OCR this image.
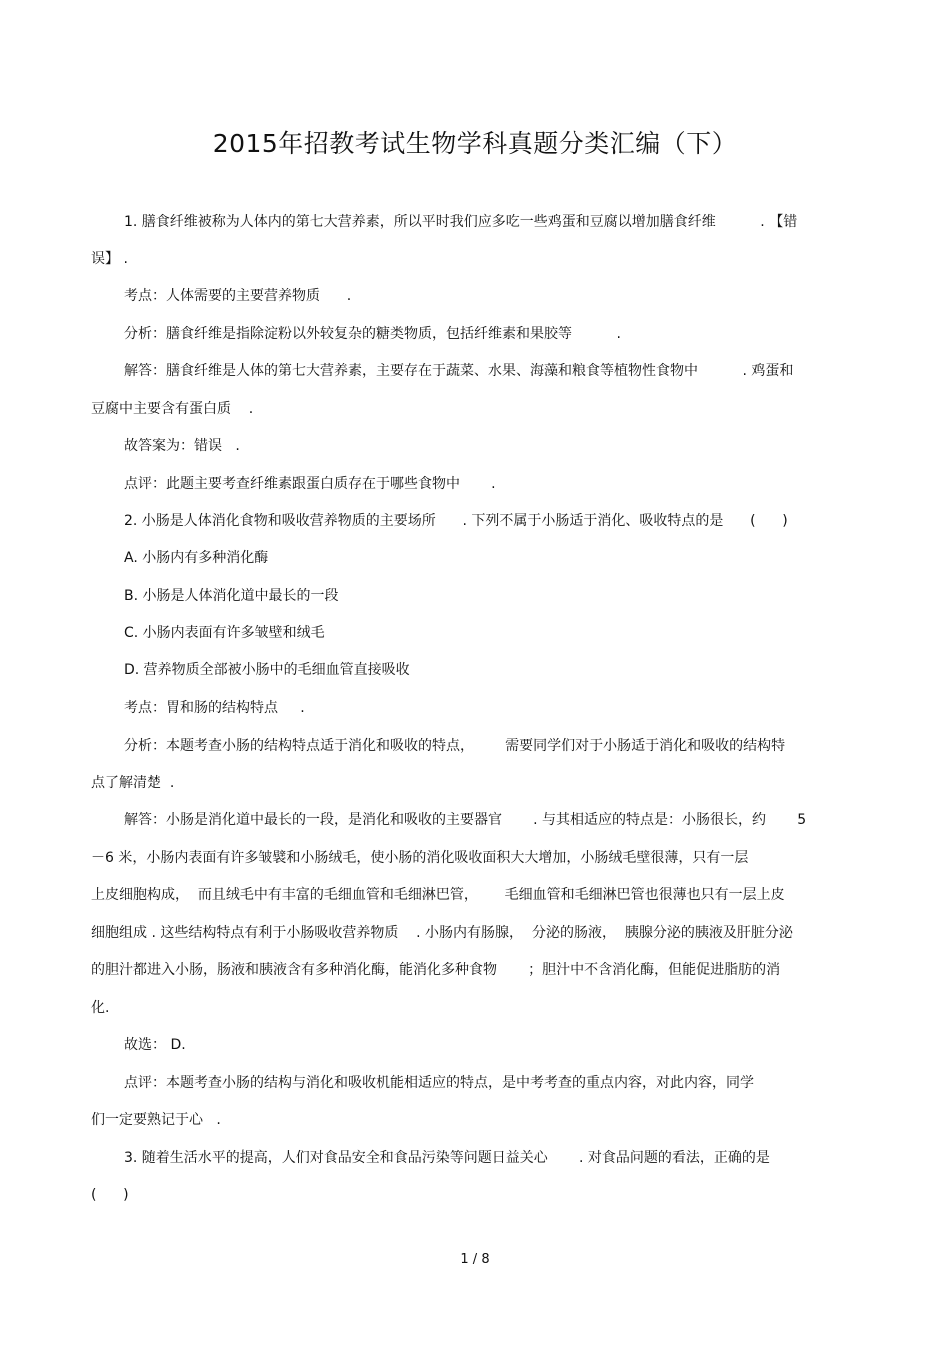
2015年招教考试生物学科真题分类汇编（下）
1. 膳食纤维被称为人体内的第七大营养素，所以平时我们应多吃一些鸡蛋和豆腐以增加膳食纤维          . 【错
误】 .
考点：人体需要的主要营养物质      .
分析：膳食纤维是指除淀粉以外较复杂的糖类物质，包括纤维素和果胶等          .
解答：膳食纤维是人体的第七大营养素，主要存在于蔬菜、水果、海藻和粮食等植物性食物中          . 鸡蛋和
豆腐中主要含有蛋白质    .
故答案为：错误   .
点评：此题主要考查纤维素跟蛋白质存在于哪些食物中       .
2. 小肠是人体消化食物和吸收营养物质的主要场所      . 下列不属于小肠适于消化、吸收特点的是      (      )
A. 小肠内有多种消化酶
B. 小肠是人体消化道中最长的一段
C. 小肠内表面有许多皱壁和绒毛
D. 营养物质全部被小肠中的毛细血管直接吸收
考点：胃和肠的结构特点     .
分析：本题考查小肠的结构特点适于消化和吸收的特点，       需要同学们对于小肠适于消化和吸收的结构特
点了解清楚  .
解答：小肠是消化道中最长的一段，是消化和吸收的主要器官       . 与其相适应的特点是：小肠很长，约       5
－6 米，小肠内表面有许多皱襞和小肠绒毛，使小肠的消化吸收面积大大增加，小肠绒毛壁很薄，只有一层
上皮细胞构成，  而且绒毛中有丰富的毛细血管和毛细淋巴管，      毛细血管和毛细淋巴管也很薄也只有一层上皮
细胞组成 . 这些结构特点有利于小肠吸收营养物质    . 小肠内有肠腺，  分泌的肠液，  胰腺分泌的胰液及肝脏分泌
的胆汁都进入小肠，肠液和胰液含有多种消化酶，能消化多种食物       ；胆汁中不含消化酶，但能促进脂肪的消
化.
故选： D.
点评：本题考查小肠的结构与消化和吸收机能相适应的特点，是中考考查的重点内容，对此内容，同学
们一定要熟记于心   .
3. 随着生活水平的提高，人们对食品安全和食品污染等问题日益关心       . 对食品问题的看法，正确的是
(      )
1 / 8
